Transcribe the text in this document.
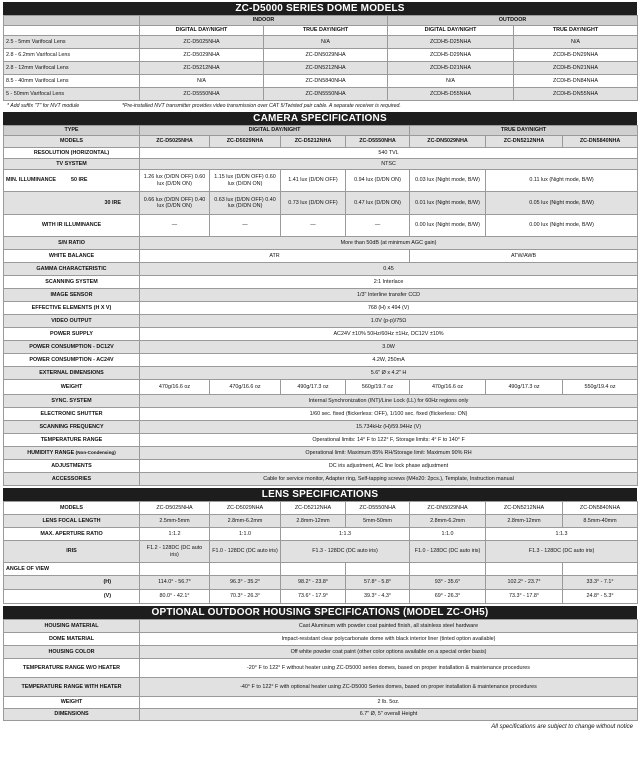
ZC-D5000 SERIES DOME MODELS
	INDOOR		OUTDOOR	
	DIGITAL DAY/NIGHT	TRUE DAY/NIGHT	DIGITAL DAY/NIGHT	TRUE DAY/NIGHT
2.5 - 5mm Varifocal Lens	ZC-D5025NHA	N/A	ZCDH5-D25NHA	N/A
2.8 - 6.2mm Varifocal Lens	ZC-D5029NHA	ZC-DN5029NHA	ZCDH5-D29NHA	ZCDH5-DN29NHA
2.8 - 12mm Varifocal Lens	ZC-D5212NHA	ZC-DN5212NHA	ZCDH5-D21NHA	ZCDH5-DN21NHA
8.5 - 40mm Varifocal Lens	N/A	ZC-DN5840NHA	N/A	ZCDH5-DN84NHA
5 - 50mm Varifocal Lens	ZC-D5550NHA	ZC-DN5550NHA	ZCDH5-D55NHA	ZCDH5-DN55NHA
* Add suffix "T" for NVT module	*Pre-installed NVT transmitter provides video transmission over CAT 5/Twisted pair cable. A separate receiver is required.
CAMERA SPECIFICATIONS
TYPE	DIGITAL DAY/NIGHT				TRUE DAY/NIGHT		
MODELS	ZC-D5025NHA	ZC-D5029NHA	ZC-D5212NHA	ZC-D5550NHA	ZC-DN5029NHA	ZC-DN5212NHA	ZC-DN5840NHA
RESOLUTION (HORIZONTAL)	540 TVL						
TV SYSTEM	NTSC						
MIN. ILLUMINANCE 50 IRE	1.26 lux (D/DN OFF) 0.60 lux (D/DN ON)	1.15 lux (D/DN OFF) 0.60 lux (D/DN ON)	1.41 lux (D/DN OFF)	0.94 lux (D/DN ON)	0.03 lux (Night mode, B/W)	0.11 lux (Night mode, B/W)	
30 IRE	0.66 lux (D/DN OFF) 0.40 lux (D/DN ON)	0.63 lux (D/DN OFF) 0.40 lux (D/DN ON)	0.73 lux (D/DN OFF)	0.47 lux (D/DN ON)	0.01 lux (Night mode, B/W)	0.05 lux (Night mode, B/W)	
WITH IR ILLUMINANCE	—	—	—	—	0.00 lux (Night mode, B/W)	0.00 lux (Night mode, B/W)	
S/N RATIO	More than 50dB (at minimum AGC gain)						
WHITE BALANCE	ATR				ATW/AWB		
GAMMA CHARACTERISTIC	0.45						
SCANNING SYSTEM	2:1 Interlace						
IMAGE SENSOR	1/3" Interline transfer CCD						
EFFECTIVE ELEMENTS (H X V)	768 (H) x 494 (V)						
VIDEO OUTPUT	1.0V (p-p)/75Ω						
POWER SUPPLY	AC24V ±10% 50Hz/60Hz ±1Hz, DC12V ±10%						
POWER CONSUMPTION - DC12V	3.0W						
POWER CONSUMPTION - AC24V	4.2W, 250mA						
EXTERNAL DIMENSIONS	5.6" Ø x 4.2" H						
WEIGHT	470g/16.6 oz	470g/16.6 oz	490g/17.3 oz	560g/19.7 oz	470g/16.6 oz	490g/17.3 oz	550g/19.4 oz
SYNC. SYSTEM	Internal Synchronization (INT)/Line Lock (LL) for 60Hz regions only						
ELECTRONIC SHUTTER	1/60 sec. fixed (flickerless: OFF), 1/100 sec. fixed (flickerless: ON)						
SCANNING FREQUENCY	15.734kHz (H)/59.94Hz (V)						
TEMPERATURE RANGE	Operational limits: 14° F to 122° F, Storage limits: 4° F to 140° F						
HUMIDITY RANGE (Non-Condensing)	Operational limit: Maximum 85% RH/Storage limit: Maximum 90% RH						
ADJUSTMENTS	DC iris adjustment, AC line lock phase adjustment						
ACCESSORIES	Cable for service monitor, Adapter ring, Self-tapping screws (M4x20: 2pcs.), Template, Instruction manual						
LENS SPECIFICATIONS
MODELS	ZC-D5025NHA	ZC-D5029NHA	ZC-D5212NHA	ZC-D5550NHA	ZC-DN5029NHA	ZC-DN5212NHA	ZC-DN5840NHA
LENS FOCAL LENGTH	2.5mm-5mm	2.8mm-6.2mm	2.8mm-12mm	5mm-50mm	2.8mm-6.2mm	2.8mm-12mm	8.5mm-40mm
MAX. APERTURE RATIO	1:1.2	1:1.0	1:1.3		1:1.0	1:1.3	
IRIS	F1.2 - 128DC (DC auto iris)	F1.0 - 128DC (DC auto iris)	F1.3 - 128DC (DC auto iris)		F1.0 - 128DC (DC auto iris)	F1.3 - 128DC (DC auto iris)	
ANGLE OF VIEW							
(H)	114.0° - 56.7°	96.3° - 35.2°	98.2° - 23.8°	57.8° - 5.8°	93° - 35.6°	102.2° - 23.7°	33.3° - 7.1°
(V)	80.0° - 42.1°	70.3° - 26.3°	73.6° - 17.9°	39.3° - 4.3°	69° - 26.3°	73.3° - 17.8°	24.8° - 5.3°
OPTIONAL OUTDOOR HOUSING SPECIFICATIONS (MODEL ZC-OH5)
HOUSING MATERIAL	Cast Aluminum with powder coat painted finish, all stainless steel hardware
DOME MATERIAL	Impact-resistant clear polycarbonate dome with black interior liner (tinted option available)
HOUSING COLOR	Off white powder coat paint (other color options available on a special order basis)
TEMPERATURE RANGE W/O HEATER	-20° F to 122° F without heater using ZC-D5000 series domes, based on proper installation & maintenance procedures
TEMPERATURE RANGE WITH HEATER	-40° F to 122° F with optional heater using ZC-D5000 Series domes, based on proper installation & maintenance procedures
WEIGHT	2 lb. 5oz.
DIMENSIONS	6.7" Ø, 5" overall Height
All specifications are subject to change without notice
